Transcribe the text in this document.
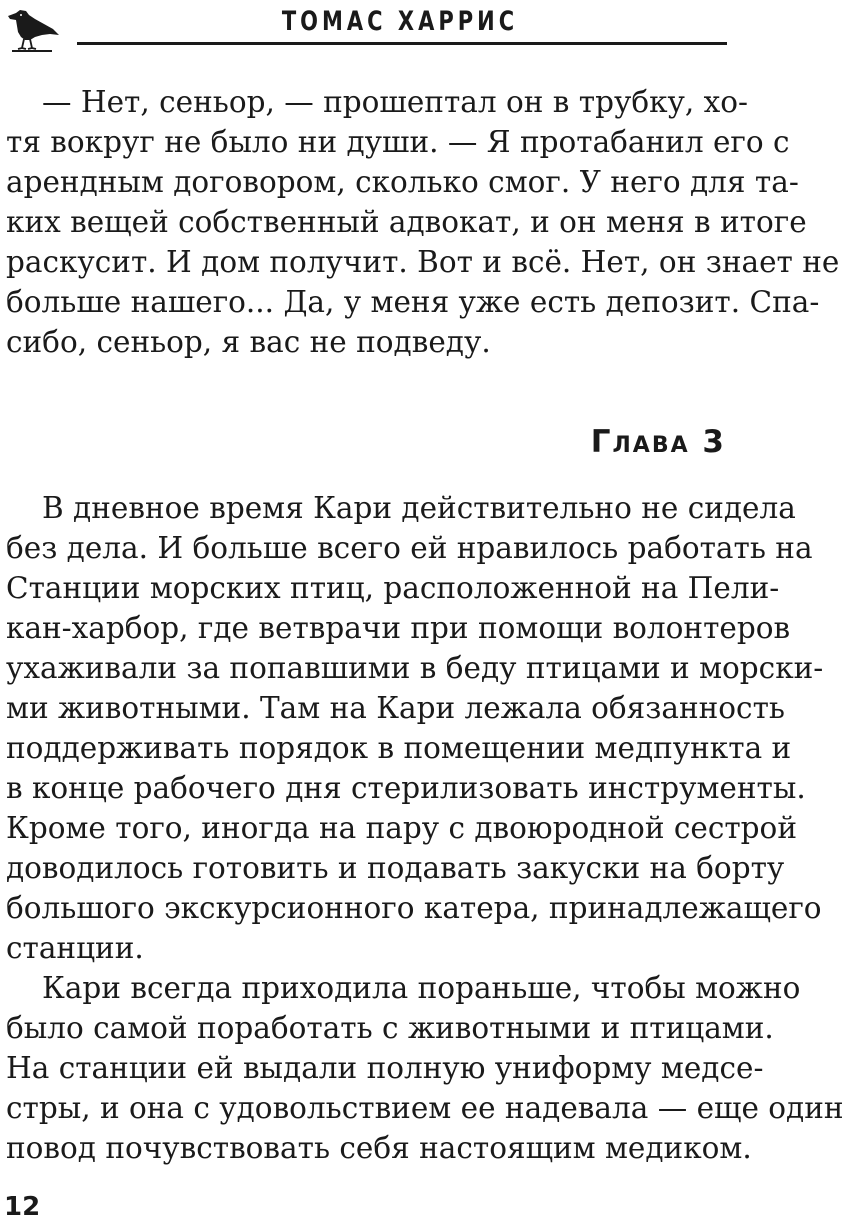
ТОМАС ХАРРИС
— Нет, сеньор, — прошептал он в трубку, хо-
тя вокруг не было ни души. — Я протабанил его с
арендным договором, сколько смог. У него для та-
ких вещей собственный адвокат, и он меня в итоге
раскусит. И дом получит. Вот и всё. Нет, он знает не
больше нашего... Да, у меня уже есть депозит. Спа-
сибо, сеньор, я вас не подведу.
Глава 3
В дневное время Кари действительно не сидела
без дела. И больше всего ей нравилось работать на
Станции морских птиц, расположенной на Пели-
кан-харбор, где ветврачи при помощи волонтеров
ухаживали за попавшими в беду птицами и морски-
ми животными. Там на Кари лежала обязанность
поддерживать порядок в помещении медпункта и
в конце рабочего дня стерилизовать инструменты.
Кроме того, иногда на пару с двоюродной сестрой
доводилось готовить и подавать закуски на борту
большого экскурсионного катера, принадлежащего
станции.
Кари всегда приходила пораньше, чтобы можно
было самой поработать с животными и птицами.
На станции ей выдали полную униформу медсе-
стры, и она с удовольствием ее надевала — еще один
повод почувствовать себя настоящим медиком.
12
